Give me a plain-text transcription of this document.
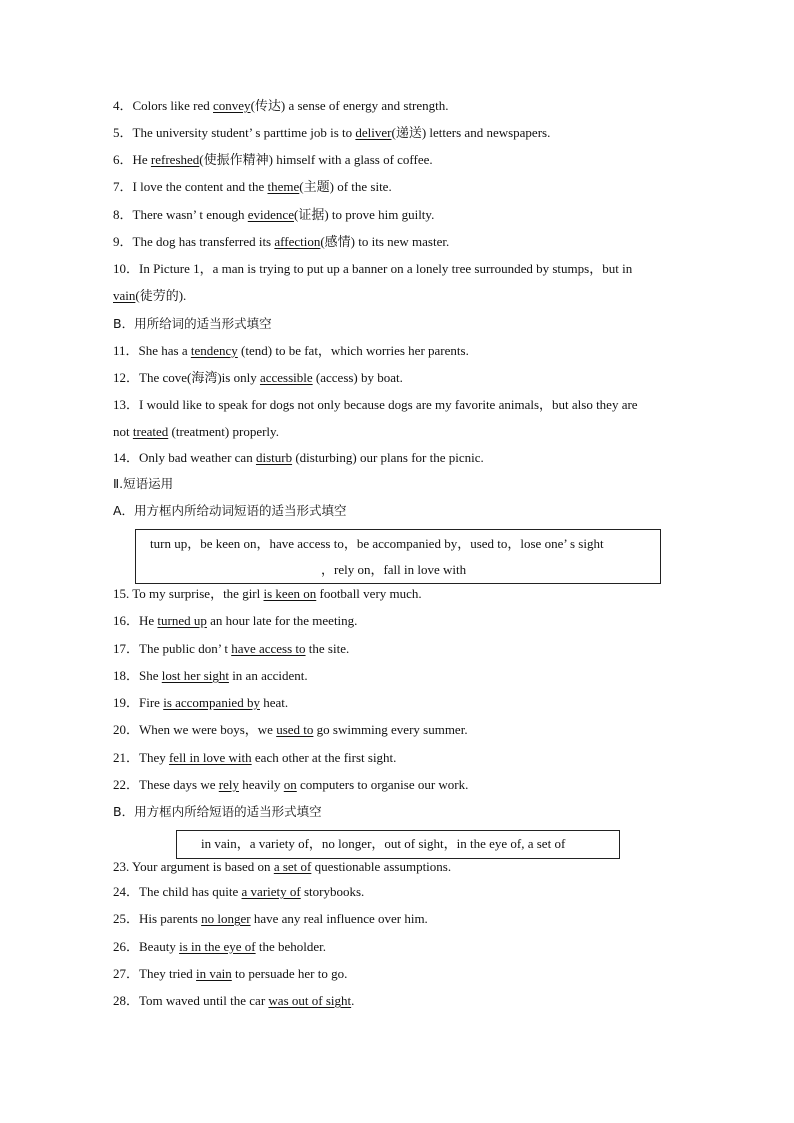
4．Colors like red convey(传达) a sense of energy and strength.
5．The university student’ s parttime job is to deliver(递送) letters and newspapers.
6．He refreshed(使振作精神) himself with a glass of coffee.
7．I love the content and the theme(主题) of the site.
8．There wasn’ t enough evidence(证据) to prove him guilty.
9．The dog has transferred its affection(感情) to its new master.
10．In Picture 1，a man is trying to put up a banner on a lonely tree surrounded by stumps，but in
vain(徒劳的).
B．用所给词的适当形式填空
11．She has a tendency (tend) to be fat，which worries her parents.
12．The cove(海湾)is only accessible (access) by boat.
13．I would like to speak for dogs not only because dogs are my favorite animals，but also they are
not treated (treatment) properly.
14．Only bad weather can disturb (disturbing) our plans for the picnic.
Ⅱ.短语运用
A．用方框内所给动词短语的适当形式填空
turn up，be keen on，have access to，be accompanied by，used to，lose one’ s sight
，rely on，fall in love with
15. To my surprise，the girl is keen on football very much.
16．He turned up an hour late for the meeting.
17．The public don’ t have access to the site.
18．She lost her sight in an accident.
19．Fire is accompanied by heat.
20．When we were boys，we used to go swimming every summer.
21．They fell in love with each other at the first sight.
22．These days we rely heavily on computers to organise our work.
B．用方框内所给短语的适当形式填空
in vain，a variety of，no longer，out of sight，in the eye of, a set of
23. Your argument is based on a set of questionable assumptions.
24．The child has quite a variety of storybooks.
25．His parents no longer have any real influence over him.
26．Beauty is in the eye of the beholder.
27．They tried in vain to persuade her to go.
28．Tom waved until the car was out of sight.
